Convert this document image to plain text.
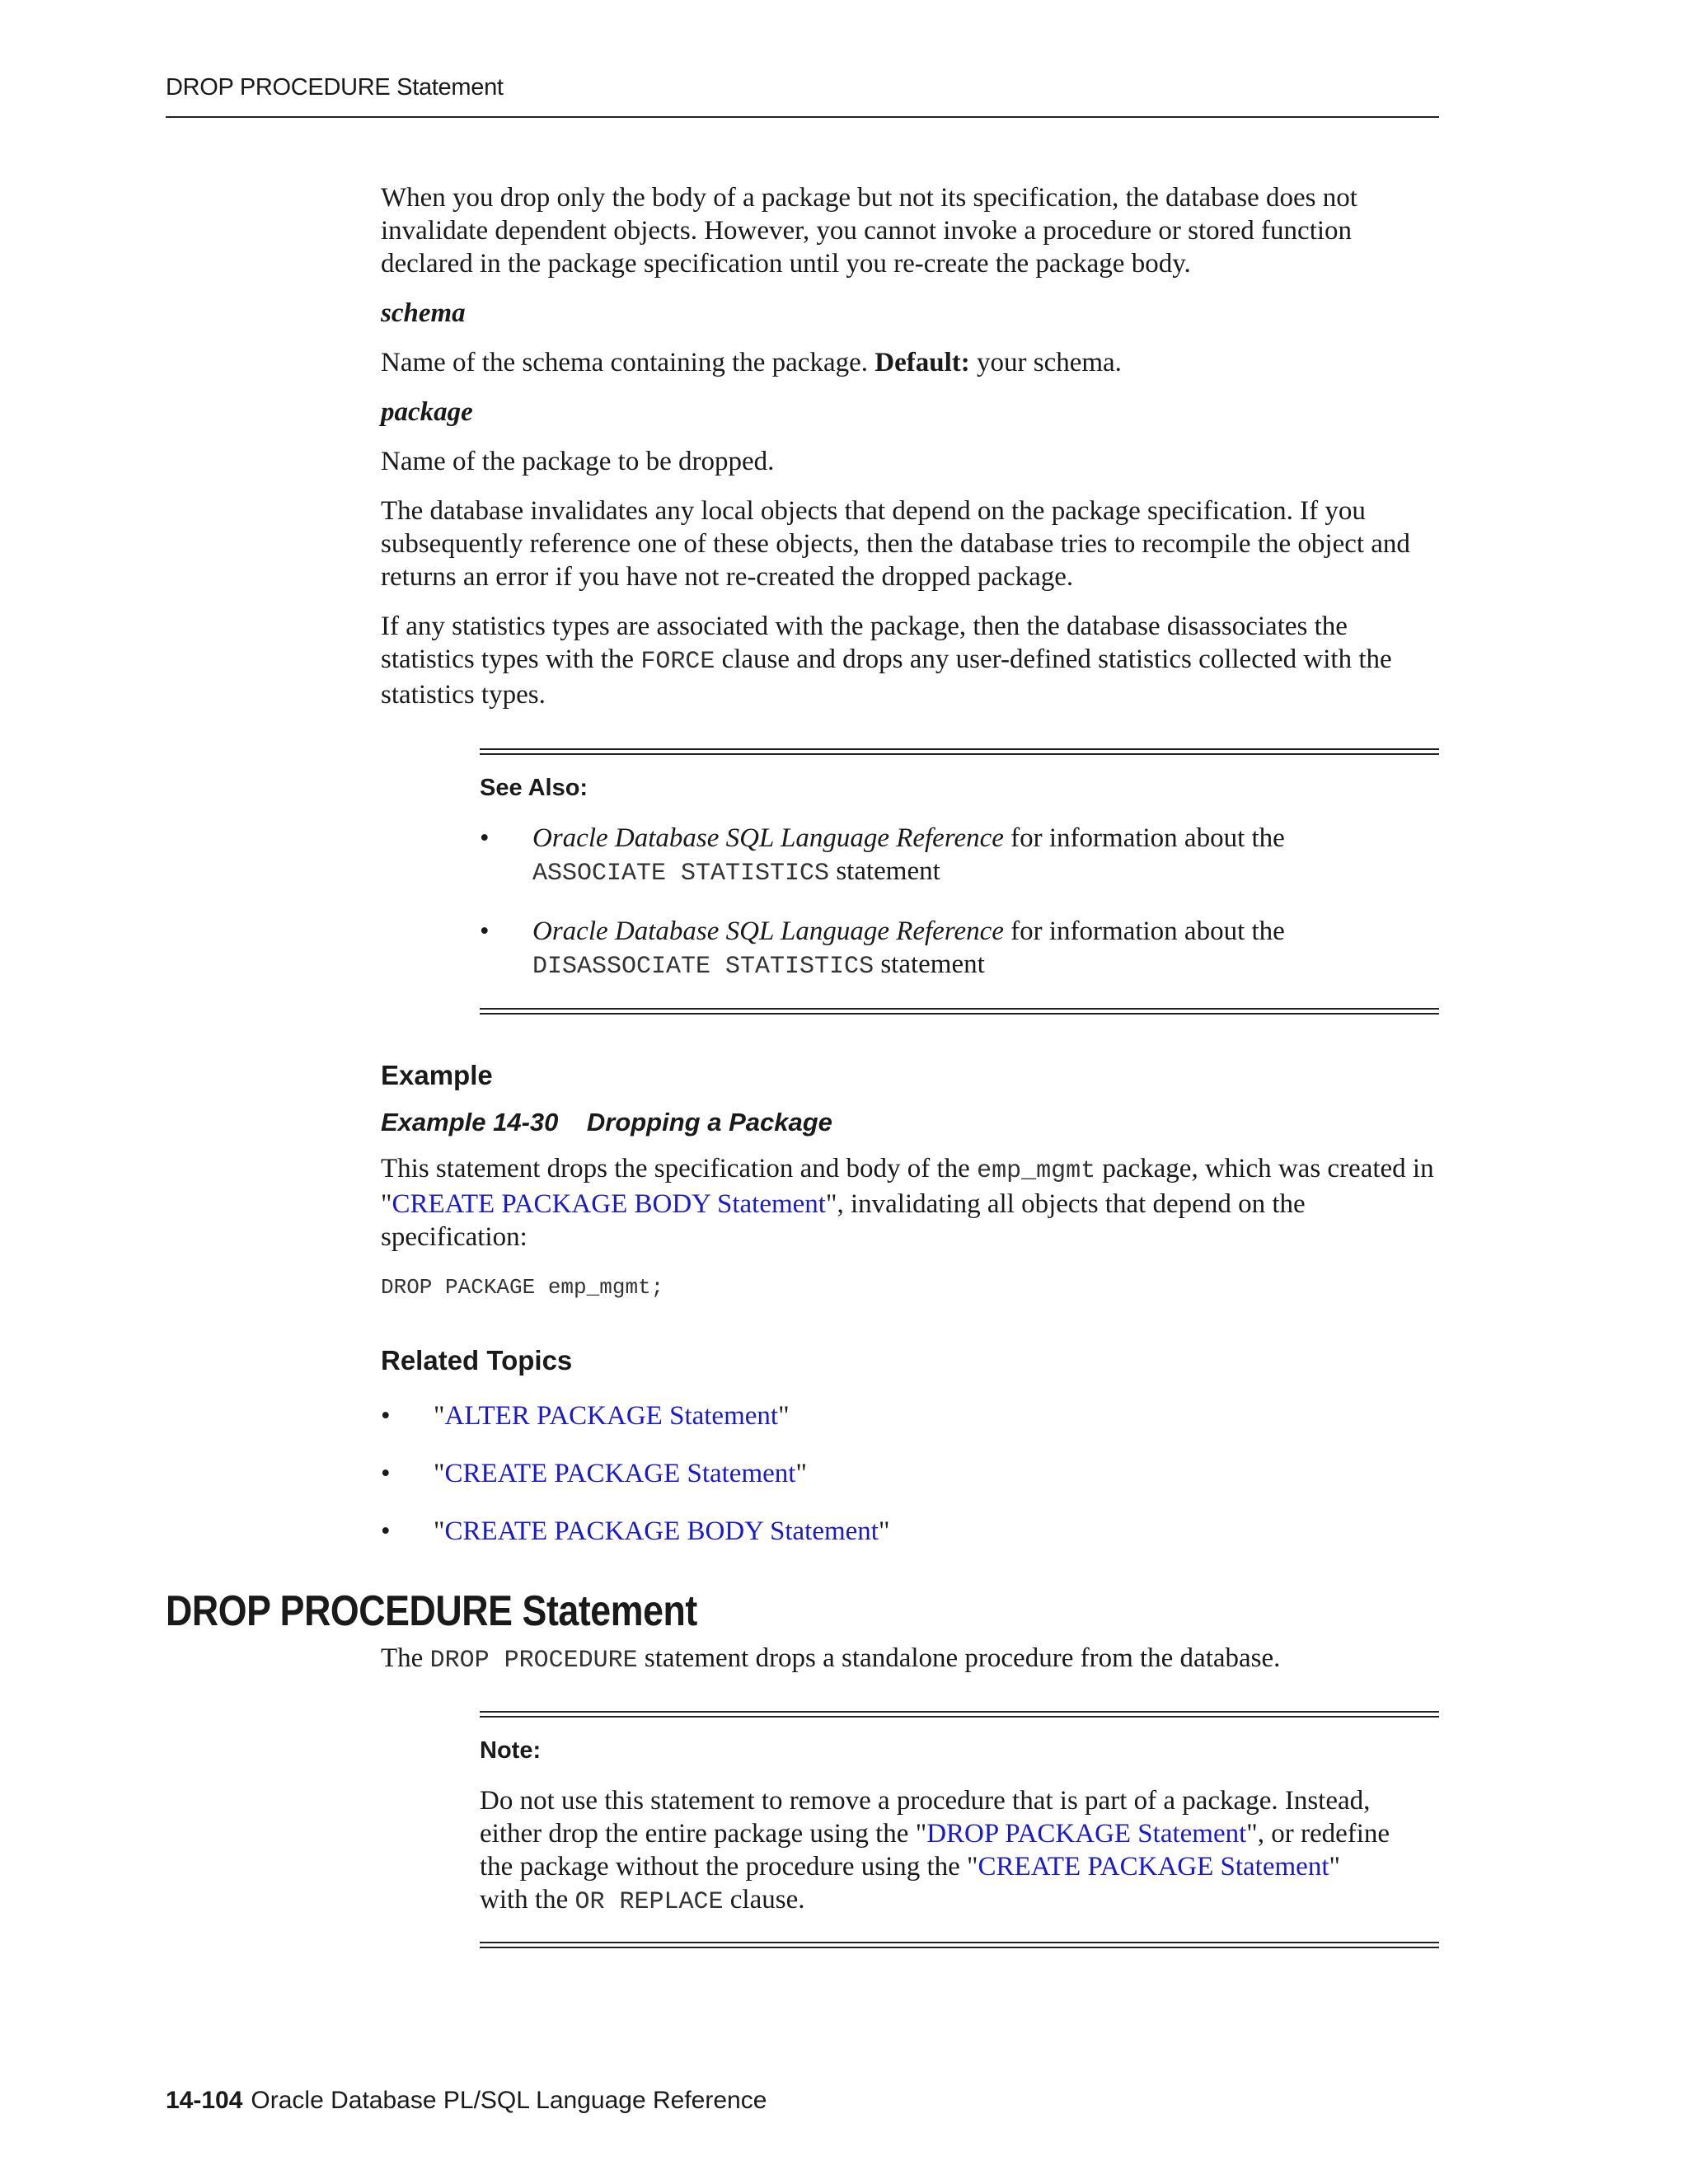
DROP PROCEDURE Statement

When you drop only the body of a package but not its specification, the database does not invalidate dependent objects. However, you cannot invoke a procedure or stored function declared in the package specification until you re-create the package body.

schema

Name of the schema containing the package. Default: your schema.

package

Name of the package to be dropped.

The database invalidates any local objects that depend on the package specification. If you subsequently reference one of these objects, then the database tries to recompile the object and returns an error if you have not re-created the dropped package.

If any statistics types are associated with the package, then the database disassociates the statistics types with the FORCE clause and drops any user-defined statistics collected with the statistics types.

See Also:

• Oracle Database SQL Language Reference for information about the
ASSOCIATE STATISTICS statement
• Oracle Database SQL Language Reference for information about the
DISASSOCIATE STATISTICS statement

Example

Example 14-30    Dropping a Package

This statement drops the specification and body of the emp_mgmt package, which was created in "CREATE PACKAGE BODY Statement", invalidating all objects that depend on the specification:

DROP PACKAGE emp_mgmt;

Related Topics

• "ALTER PACKAGE Statement"
• "CREATE PACKAGE Statement"
• "CREATE PACKAGE BODY Statement"
DROP PROCEDURE Statement

The DROP PROCEDURE statement drops a standalone procedure from the database.

Note:

Do not use this statement to remove a procedure that is part of a package. Instead, either drop the entire package using the "DROP PACKAGE Statement", or redefine the package without the procedure using the "CREATE PACKAGE Statement" with the OR REPLACE clause.

14-104 Oracle Database PL/SQL Language Reference
